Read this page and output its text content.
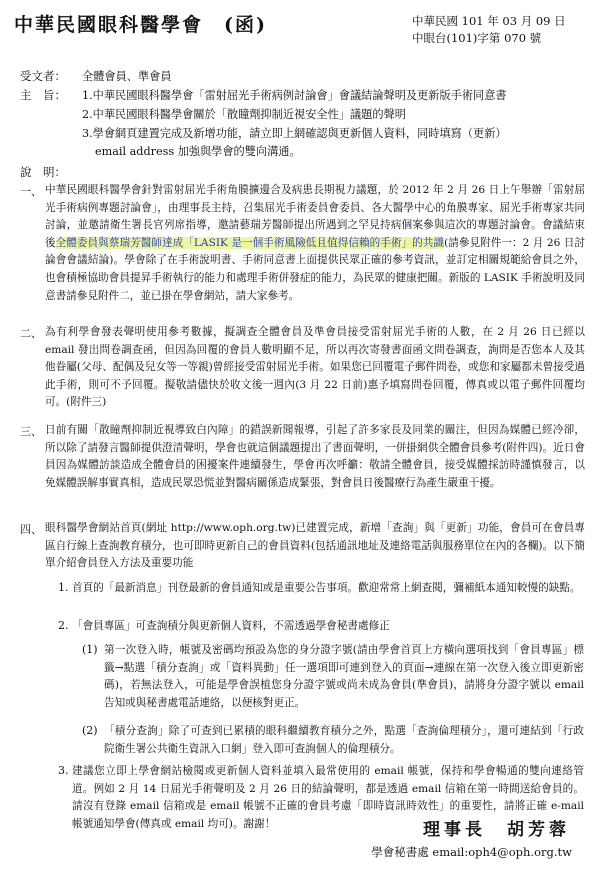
中華民國眼科醫學會　(函)	中華民國 101 年 03 月 09 日
中眼台(101)字第 070 號
受文者： 全體會員、準會員
主　旨： 1.中華民國眼科醫學會「雷射屈光手術病例討論會」會議結論聲明及更新版手術同意書
2.中華民國眼科醫學會關於「散瞳劑抑制近視安全性」議題的聲明
3.學會網頁建置完成及新增功能，請立即上網確認與更新個人資料，同時填寫（更新）
email address 加強與學會的雙向溝通。
說　明：
一、 中華民國眼科醫學會針對雷射屈光手術角膜擴邊合及病患長期視力議題，於 2012 年 2 月 26 日上午舉辦「雷射屈光手術病例專題討論會」，由理事長主持，召集屈光手術委員會委員、各大醫學中心的角膜專家、屈光手術專家共同討論，並邀請衛生署長官列席指導，邀請藝瑞芳醫師提出所遇到之罕見持病個案參與這次的專題討論會。會議結束後全體委員與蔡瑞芳醫師達成「LASIK 是一個手術風險低且值得信賴的手術」的共識(請參見附件一：2 月 26 日討論會會議結論)。學會除了在手術說明書、手術同意書上面提供民眾正確的參考資訊，並訂定相關規範給會員之外，也會積極協助會員提昇手術執行的能力和處理手術併發症的能力，為民眾的健康把關。新版的 LASIK 手術說明及同意書請參見附件二，並已掛在學會網站，請大家參考。
二、 為有利學會發表聲明使用參考數據，擬調查全體會員及準會員接受雷射屈光手術的人數，在 2 月 26 日已經以 email 發出問卷調查函，但因為回覆的會員人數明顯不足，所以再次寄發書面函文問卷調查，詢問是否您本人及其他眷屬(父母、配偶及兒女等一等親)曾經接受雷射屈光手術。如果您已回覆電子郵件問卷，或您和家屬都未曾接受過此手術，則可不予回覆。擬敬請儘快於收文後一週內(3 月 22 日前)惠予填寫問卷回覆，傳真或以電子郵件回覆均可。(附件三)
三、 日前有關「散瞳劑抑制近視導致白內障」的錯誤新聞報導，引起了許多家長及同業的關注，但因為媒體已經冷卻，所以除了請發言醫師提供澄清聲明，學會也就這個議題提出了書面聲明，一併掛網供全體會員參考(附件四)。近日會員因為媒體訪談造成全體會員的困擾案件連續發生，學會再次呼籲：敬請全體會員，接受媒體採訪時謹慎發言，以免媒體誤解事實真相，造成民眾恐慌並對醫病關係造成緊張，對會員日後醫療行為產生嚴重干擾。
四、 眼科醫學會網站首頁(網址 http://www.oph.org.tw)已建置完成，新增「查詢」與「更新」功能，會員可在會員專區自行線上查詢教育積分，也可即時更新自己的會員資料(包括通訊地址及連絡電話與服務單位在內的各欄)。以下簡單介紹會員登入方法及重要功能
1. 首頁的「最新消息」刊登最新的會員通知或是重要公告事項。歡迎常常上網查閱，彌補紙本通知較慢的缺點。
2. 「會員專區」可查詢積分與更新個人資料，不需透過學會秘書處修正
(1) 第一次登入時，帳號及密碼均預設為您的身分證字號(請由學會首頁上方橫向選項找到「會員專區」標籤→點選「積分查詢」或「資料異動」任一選項即可連到登入的頁面→連線在第一次登入後立即更新密碼)，若無法登入，可能是學會誤植您身分證字號或尚未成為會員(準會員)，請將身分證字號以 email 告知或與秘書處電話連絡，以便核對更正。
(2) 「積分查詢」除了可查到已累積的眼科繼續教育積分之外，點選「查詢倫理積分」，還可連結到「行政院衛生署公共衛生資訊入口網」登入即可查詢個人的倫理積分。
3. 建議您立即上學會網站檢閱或更新個人資料並填入最常使用的 email 帳號，保持和學會暢通的雙向連絡管道。例如 2 月 14 日屈光手術聲明及 2 月 26 日的結論聲明，都是透過 email 信箱在第一時間送給會員的。請沒有登錄 email 信箱或是 email 帳號不正確的會員考慮「即時資訊時效性」的重要性，請將正確 e-mail 帳號通知學會(傳真或 email 均可)。謝謝！	理事長　胡芳蓉
學會秘書處 email:oph4@oph.org.tw
